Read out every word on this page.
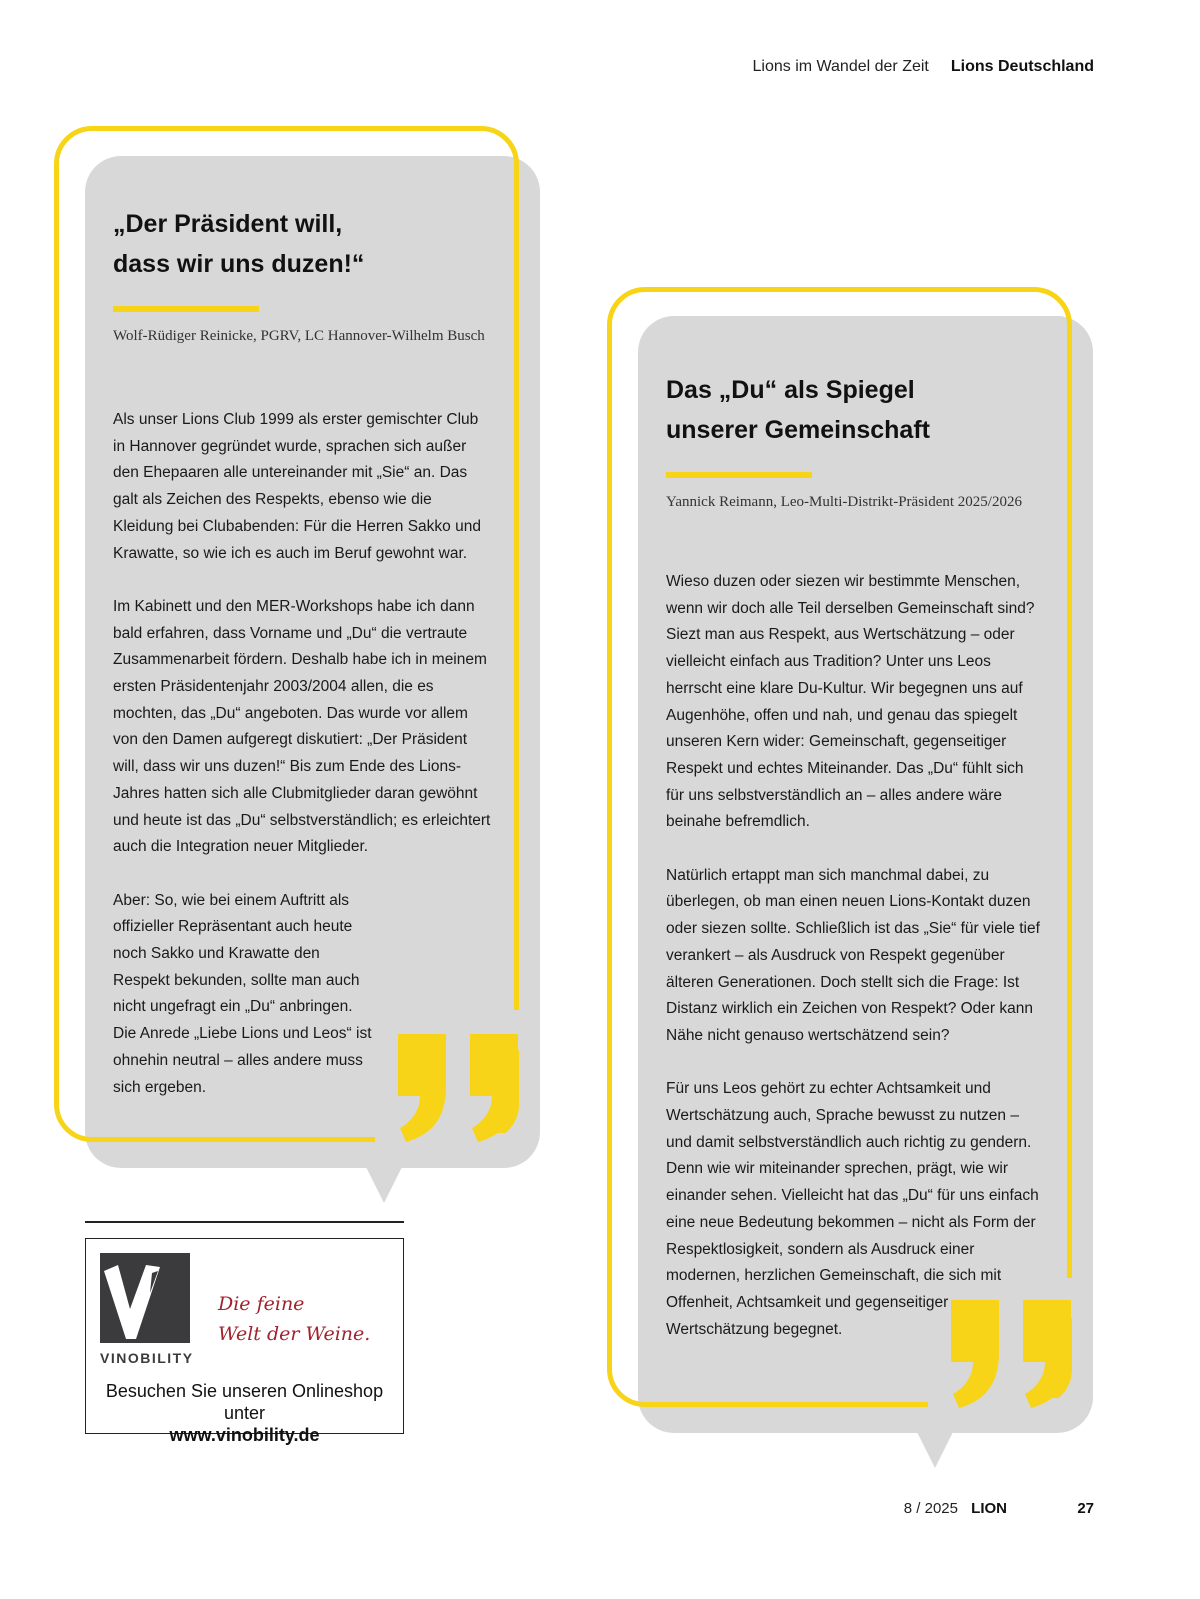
Lions im Wandel der Zeit Lions Deutschland
„Der Präsident will,
dass wir uns duzen!“
Wolf-Rüdiger Reinicke, PGRV, LC Hannover-Wilhelm Busch

Als unser Lions Club 1999 als erster gemischter Club in Hannover gegründet wurde, sprachen sich außer den Ehepaaren alle untereinander mit „Sie“ an. Das galt als Zeichen des Respekts, ebenso wie die Kleidung bei Clubabenden: Für die Herren Sakko und Krawatte, so wie ich es auch im Beruf gewohnt war.

Im Kabinett und den MER-Workshops habe ich dann bald erfahren, dass Vorname und „Du“ die vertraute Zusammenarbeit fördern. Deshalb habe ich in meinem ersten Präsidentenjahr 2003/2004 allen, die es mochten, das „Du“ angeboten. Das wurde vor allem von den Damen aufgeregt diskutiert: „Der Präsident will, dass wir uns duzen!“ Bis zum Ende des Lions-Jahres hatten sich alle Clubmitglieder daran gewöhnt und heute ist das „Du“ selbstverständlich; es erleichtert auch die Integration neuer Mitglieder.

Aber: So, wie bei einem Auftritt als offizieller Repräsentant auch heute noch Sakko und Krawatte den Respekt bekunden, sollte man auch nicht ungefragt ein „Du“ anbringen. Die Anrede „Liebe Lions und Leos“ ist ohnehin neutral – alles andere muss sich ergeben.

Das „Du“ als Spiegel
unserer Gemeinschaft
Yannick Reimann, Leo-Multi-Distrikt-Präsident 2025/2026

Wieso duzen oder siezen wir bestimmte Menschen, wenn wir doch alle Teil derselben Gemeinschaft sind? Siezt man aus Respekt, aus Wertschätzung – oder vielleicht einfach aus Tradition? Unter uns Leos herrscht eine klare Du-Kultur. Wir begegnen uns auf Augenhöhe, offen und nah, und genau das spiegelt unseren Kern wider: Gemeinschaft, gegenseitiger Respekt und echtes Miteinander. Das „Du“ fühlt sich für uns selbstverständlich an – alles andere wäre beinahe befremdlich.

Natürlich ertappt man sich manchmal dabei, zu überlegen, ob man einen neuen Lions-Kontakt duzen oder siezen sollte. Schließlich ist das „Sie“ für viele tief verankert – als Ausdruck von Respekt gegenüber älteren Generationen. Doch stellt sich die Frage: Ist Distanz wirklich ein Zeichen von Respekt? Oder kann Nähe nicht genauso wertschätzend sein?

Für uns Leos gehört zu echter Achtsamkeit und Wertschätzung auch, Sprache bewusst zu nutzen – und damit selbstverständlich auch richtig zu gendern. Denn wie wir miteinander sprechen, prägt, wie wir einander sehen. Vielleicht hat das „Du“ für uns einfach eine neue Bedeutung bekommen – nicht als Form der Respektlosigkeit, sondern als Ausdruck einer modernen, herzlichen Gemeinschaft, die sich mit Offenheit, Achtsamkeit und gegenseitiger Wertschätzung begegnet.

VINOBILITY
Die feine
Welt der Weine.
Besuchen Sie unseren Onlineshop unter
www.vinobility.de
8 / 2025 LION	27
